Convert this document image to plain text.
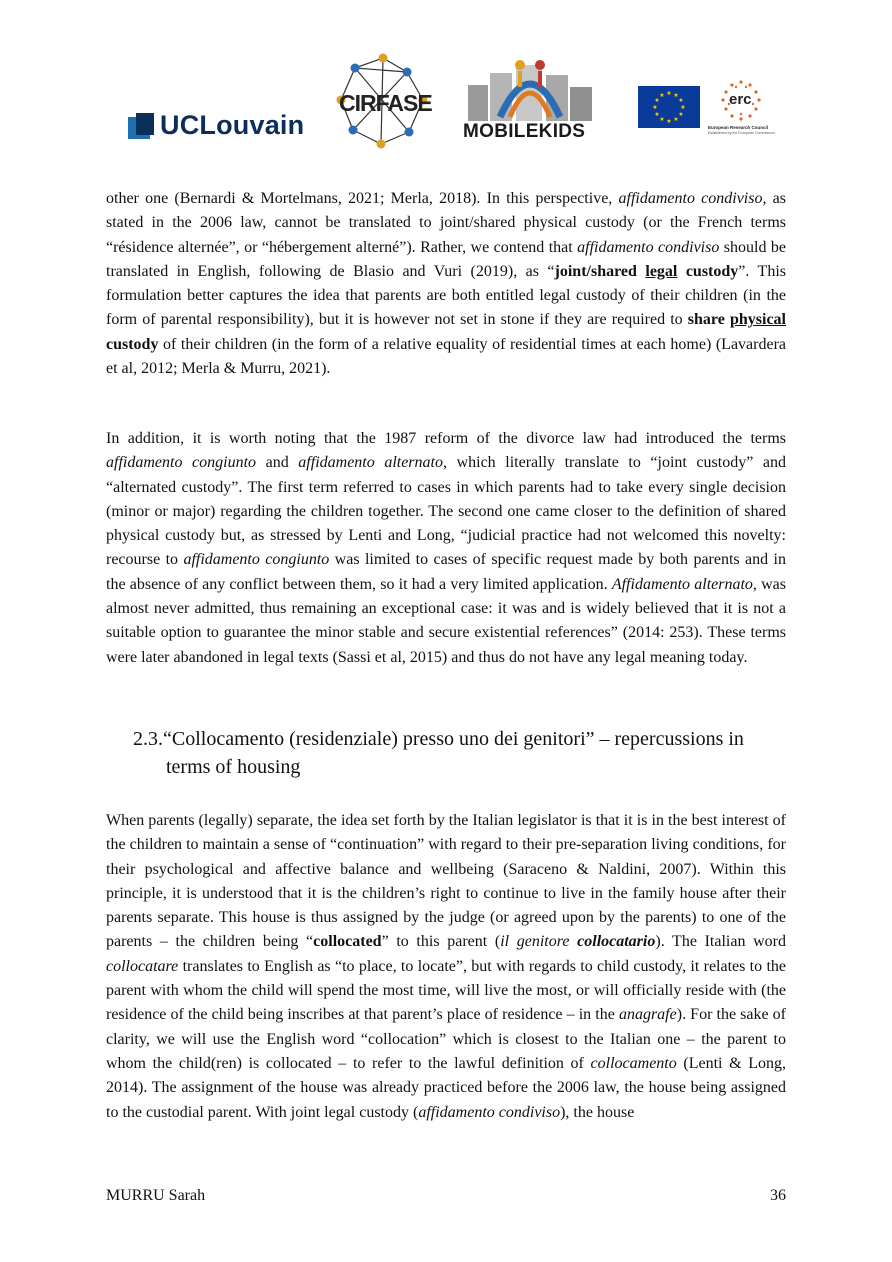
UCLouvain
CIRFASE
MOBILEKIDS
★ ★
★
★
★
★
★
★
★
★
★
★	erc
European Research Council
Established by the European Commission

other one (Bernardi & Mortelmans, 2021; Merla, 2018). In this perspective, affidamento condiviso, as stated in the 2006 law, cannot be translated to joint/shared physical custody (or the French terms “résidence alternée”, or “hébergement alterné”). Rather, we contend that affidamento condiviso should be translated in English, following de Blasio and Vuri (2019), as “joint/shared legal custody”. This formulation better captures the idea that parents are both entitled legal custody of their children (in the form of parental responsibility), but it is however not set in stone if they are required to share physical custody of their children (in the form of a relative equality of residential times at each home) (Lavardera et al, 2012; Merla & Murru, 2021).

In addition, it is worth noting that the 1987 reform of the divorce law had introduced the terms affidamento congiunto and affidamento alternato, which literally translate to “joint custody” and “alternated custody”. The first term referred to cases in which parents had to take every single decision (minor or major) regarding the children together. The second one came closer to the definition of shared physical custody but, as stressed by Lenti and Long, “judicial practice had not welcomed this novelty: recourse to affidamento congiunto was limited to cases of specific request made by both parents and in the absence of any conflict between them, so it had a very limited application. Affidamento alternato, was almost never admitted, thus remaining an exceptional case: it was and is widely believed that it is not a suitable option to guarantee the minor stable and secure existential references” (2014: 253). These terms were later abandoned in legal texts (Sassi et al, 2015) and thus do not have any legal meaning today.

2.3.“Collocamento (residenziale) presso uno dei genitori” – repercussions in
terms of housing

When parents (legally) separate, the idea set forth by the Italian legislator is that it is in the best interest of the children to maintain a sense of “continuation” with regard to their pre-separation living conditions, for their psychological and affective balance and wellbeing (Saraceno & Naldini, 2007). Within this principle, it is understood that it is the children’s right to continue to live in the family house after their parents separate. This house is thus assigned by the judge (or agreed upon by the parents) to one of the parents – the children being “collocated” to this parent (il genitore collocatario). The Italian word collocatare translates to English as “to place, to locate”, but with regards to child custody, it relates to the parent with whom the child will spend the most time, will live the most, or will officially reside with (the residence of the child being inscribes at that parent’s place of residence – in the anagrafe). For the sake of clarity, we will use the English word “collocation” which is closest to the Italian one – the parent to whom the child(ren) is collocated – to refer to the lawful definition of collocamento (Lenti & Long, 2014). The assignment of the house was already practiced before the 2006 law, the house being assigned to the custodial parent. With joint legal custody (affidamento condiviso), the house

MURRU Sarah	36
